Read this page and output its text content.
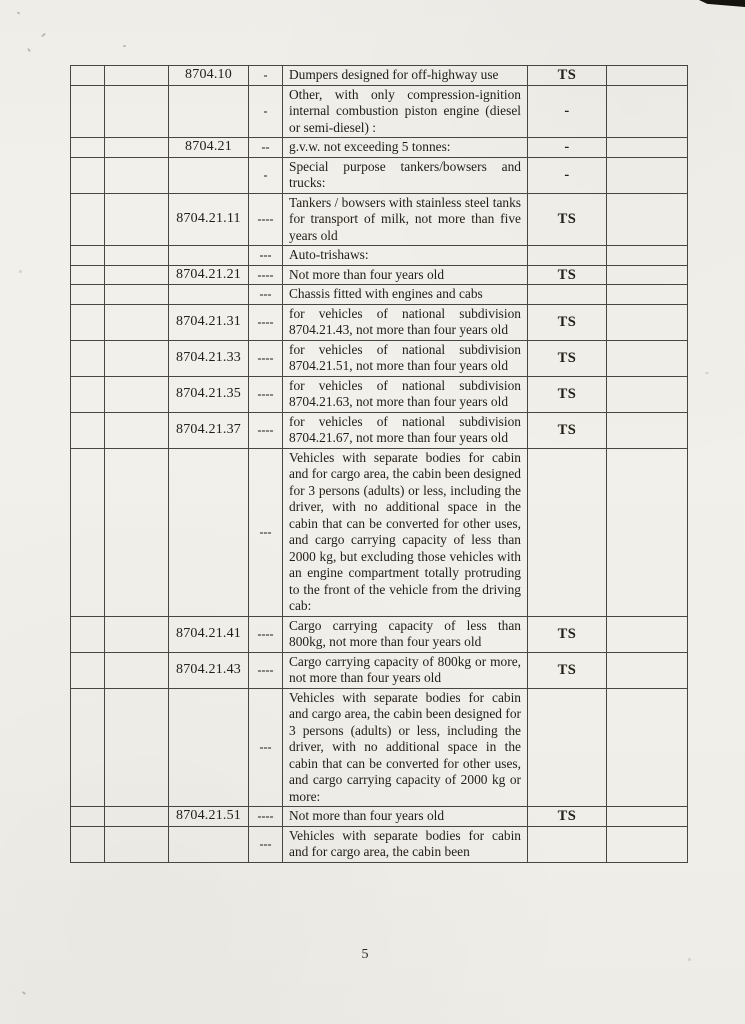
		8704.10	-	Dumpers designed for off-highway use	TS	
			-	Other, with only compression-ignition internal combustion piston engine (diesel or semi-diesel) :	-	
		8704.21	--	g.v.w. not exceeding 5 tonnes:	-	
			-	Special purpose tankers/bowsers and trucks:	-	
		8704.21.11	----	Tankers / bowsers with stainless steel tanks for transport of milk, not more than five years old	TS	
			---	Auto-trishaws:		
		8704.21.21	----	Not more than four years old	TS	
			---	Chassis fitted with engines and cabs		
		8704.21.31	----	for vehicles of national subdivision 8704.21.43, not more than four years old	TS	
		8704.21.33	----	for vehicles of national subdivision 8704.21.51, not more than four years old	TS	
		8704.21.35	----	for vehicles of national subdivision 8704.21.63, not more than four years old	TS	
		8704.21.37	----	for vehicles of national subdivision 8704.21.67, not more than four years old	TS	
			---	Vehicles with separate bodies for cabin and for cargo area, the cabin been designed for 3 persons (adults) or less, including the driver, with no additional space in the cabin that can be converted for other uses, and cargo carrying capacity of less than 2000 kg, but excluding those vehicles with an engine compartment totally protruding to the front of the vehicle from the driving cab:		
		8704.21.41	----	Cargo carrying capacity of less than 800kg, not more than four years old	TS	
		8704.21.43	----	Cargo carrying capacity of 800kg or more, not more than four years old	TS	
			---	Vehicles with separate bodies for cabin and cargo area, the cabin been designed for 3 persons (adults) or less, including the driver, with no additional space in the cabin that can be converted for other uses, and cargo carrying capacity of 2000 kg or more:		
		8704.21.51	----	Not more than four years old	TS	
			---	Vehicles with separate bodies for cabin and for cargo area, the cabin been		
5
